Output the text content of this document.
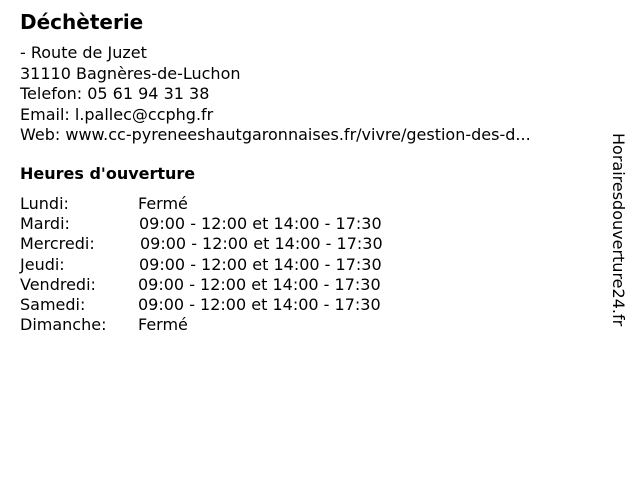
Déchèterie
- Route de Juzet
31110 Bagnères-de-Luchon
Telefon: 05 61 94 31 38
Email: l.pallec@ccphg.fr
Web: www.cc-pyreneeshautgaronnaises.fr/vivre/gestion-des-d...
Heures d'ouverture
Lundi:	Fermé
Mardi:	09:00 - 12:00 et 14:00 - 17:30
Mercredi:	09:00 - 12:00 et 14:00 - 17:30
Jeudi:	09:00 - 12:00 et 14:00 - 17:30
Vendredi:	09:00 - 12:00 et 14:00 - 17:30
Samedi:	09:00 - 12:00 et 14:00 - 17:30
Dimanche: Fermé	Horairesdouverture24.fr
